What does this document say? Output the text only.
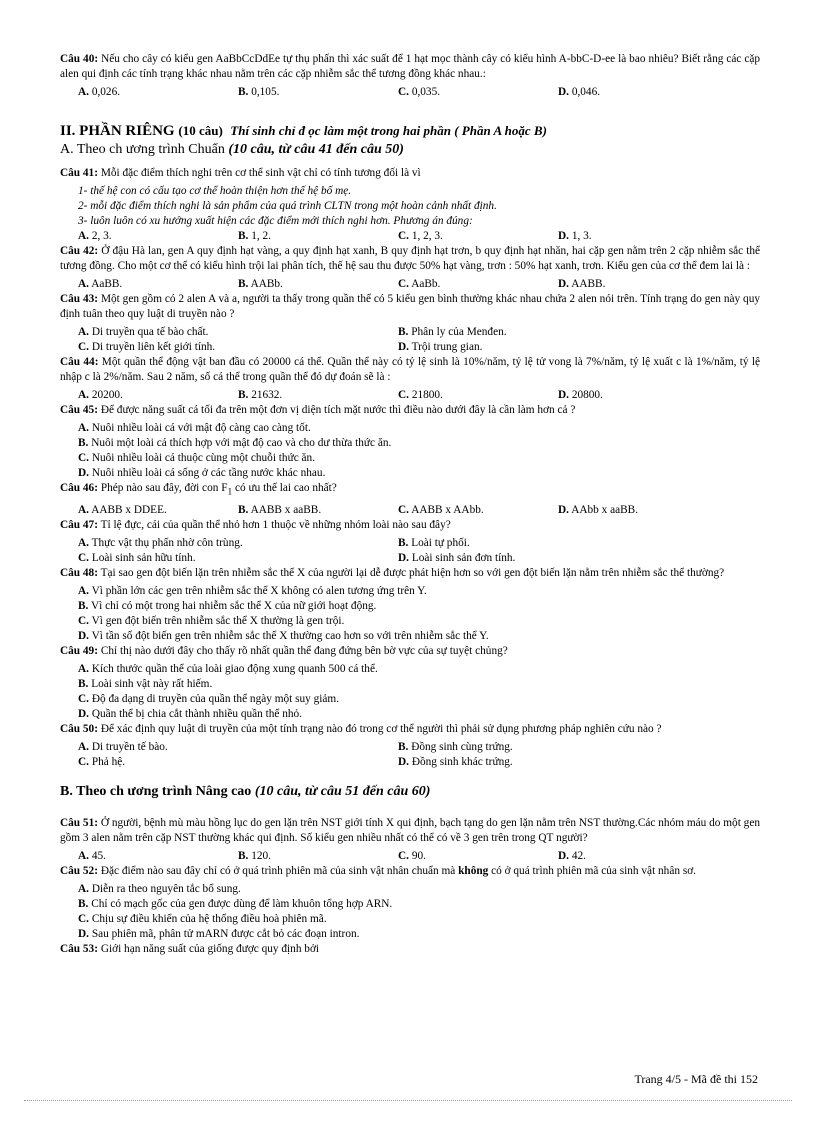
Câu 40: Nếu cho cây có kiểu gen AaBbCcDdEe tự thụ phấn thì xác suất để 1 hạt mọc thành cây có kiểu hình A-bbC-D-ee là bao nhiêu? Biết rằng các cặp alen qui định các tính trạng khác nhau nằm trên các cặp nhiễm sắc thể tương đồng khác nhau.:
A. 0,026.	B. 0,105.	C. 0,035.	D. 0,046.
II. PHẦN RIÊNG (10 câu) Thí sinh chỉ đ ọc làm một trong hai phần ( Phần A hoặc B)
A. Theo ch ương trình Chuẩn (10 câu, từ câu 41 đến câu 50)
Câu 41: Mỗi đặc điểm thích nghi trên cơ thể sinh vật chỉ có tính tương đối là vì
1- thế hệ con có cấu tạo cơ thể hoàn thiện hơn thế hệ bố mẹ.
2- mỗi đặc điểm thích nghi là sản phẩm của quá trình CLTN trong một hoàn cảnh nhất định.
3- luôn luôn có xu hướng xuất hiện các đặc điểm mới thích nghi hơn. Phương án đúng:
A. 2, 3.	B. 1, 2.	C. 1, 2, 3.	D. 1, 3.
Câu 42: Ở đậu Hà lan, gen A quy định hạt vàng, a quy định hạt xanh, B quy định hạt trơn, b quy định hạt nhăn, hai cặp gen nằm trên 2 cặp nhiễm sắc thể tương đồng. Cho một cơ thể có kiểu hình trội lai phân tích, thế hệ sau thu được 50% hạt vàng, trơn : 50% hạt xanh, trơn. Kiểu gen của cơ thể đem lai là :
A. AaBB.	B. AABb.	C. AaBb.	D. AABB.
Câu 43: Một gen gồm có 2 alen A và a, người ta thấy trong quần thể có 5 kiểu gen bình thường khác nhau chứa 2 alen nói trên. Tính trạng do gen này quy định tuân theo quy luật di truyền nào ?
A. Di truyền qua tế bào chất.	B. Phân ly của Menđen.
C. Di truyền liên kết giới tính.	D. Trội trung gian.
Câu 44: Một quần thể động vật ban đầu có 20000 cá thể. Quần thể này có tỷ lệ sinh là 10%/năm, tỷ lệ tử vong là 7%/năm, tỷ lệ xuất c là 1%/năm, tỷ lệ nhập c là 2%/năm. Sau 2 năm, số cá thể trong quần thể đó dự đoán sẽ là :
A. 20200.	B. 21632.	C. 21800.	D. 20800.
Câu 45: Để được năng suất cá tối đa trên một đơn vị diện tích mặt nước thì điều nào dưới đây là cần làm hơn cả ?
A. Nuôi nhiều loài cá với mật độ càng cao càng tốt.
B. Nuôi một loài cá thích hợp với mật độ cao và cho dư thừa thức ăn.
C. Nuôi nhiều loài cá thuộc cùng một chuỗi thức ăn.
D. Nuôi nhiều loài cá sống ở các tầng nước khác nhau.
Câu 46: Phép nào sau đây, đời con $F_1$ có ưu thế lai cao nhất?
A. AABB x DDEE.	B. AABB x aaBB.	C. AABB x AAbb.	D. AAbb x aaBB.
Câu 47: Tỉ lệ đực, cái của quần thể nhỏ hơn 1 thuộc về những nhóm loài nào sau đây?
A. Thực vật thụ phấn nhờ côn trùng.	B. Loài tự phối.
C. Loài sinh sản hữu tính.	D. Loài sinh sản đơn tính.
Câu 48: Tại sao gen đột biến lặn trên nhiễm sắc thể X của người lại dễ được phát hiện hơn so với gen đột biến lặn nằm trên nhiễm sắc thể thường?
A. Vì phần lớn các gen trên nhiễm sắc thể X không có alen tương ứng trên Y.
B. Vì chỉ có một trong hai nhiễm sắc thể X của nữ giới hoạt động.
C. Vì gen đột biến trên nhiễm sắc thể X thường là gen trội.
D. Vì tần số đột biến gen trên nhiễm sắc thể X thường cao hơn so với trên nhiễm sắc thể Y.
Câu 49: Chỉ thị nào dưới đây cho thấy rõ nhất quần thể đang đứng bên bờ vực của sự tuyệt chủng?
A. Kích thước quần thể của loài giao động xung quanh 500 cá thể.
B. Loài sinh vật này rất hiếm.
C. Độ đa dạng di truyền của quần thể ngày một suy giảm.
D. Quần thể bị chia cắt thành nhiều quần thể nhỏ.
Câu 50: Để xác định quy luật di truyền của một tính trạng nào đó trong cơ thể người thì phải sử dụng phương pháp nghiên cứu nào ?
A. Di truyền tế bào.	B. Đồng sinh cùng trứng.
C. Phả hệ.	D. Đồng sinh khác trứng.
B. Theo ch ương trình Nâng cao (10 câu, từ câu 51 đến câu 60)
Câu 51: Ở người, bệnh mù màu hồng lục do gen lặn trên NST giới tính X qui định, bạch tạng do gen lặn nằm trên NST thường.Các nhóm máu do một gen gồm 3 alen nằm trên cặp NST thường khác qui định. Số kiểu gen nhiều nhất có thể có về 3 gen trên trong QT người?
A. 45.	B. 120.	C. 90.	D. 42.
Câu 52: Đặc điểm nào sau đây chỉ có ở quá trình phiên mã của sinh vật nhân chuẩn mà không có ở quá trình phiên mã của sinh vật nhân sơ.
A. Diễn ra theo nguyên tắc bổ sung.
B. Chỉ có mạch gốc của gen được dùng để làm khuôn tổng hợp ARN.
C. Chịu sự điều khiển của hệ thống điều hoà phiên mã.
D. Sau phiên mã, phân tử mARN được cắt bỏ các đoạn intron.
Câu 53: Giới hạn năng suất của giống được quy định bởi
Trang 4/5 - Mã đề thi 152
